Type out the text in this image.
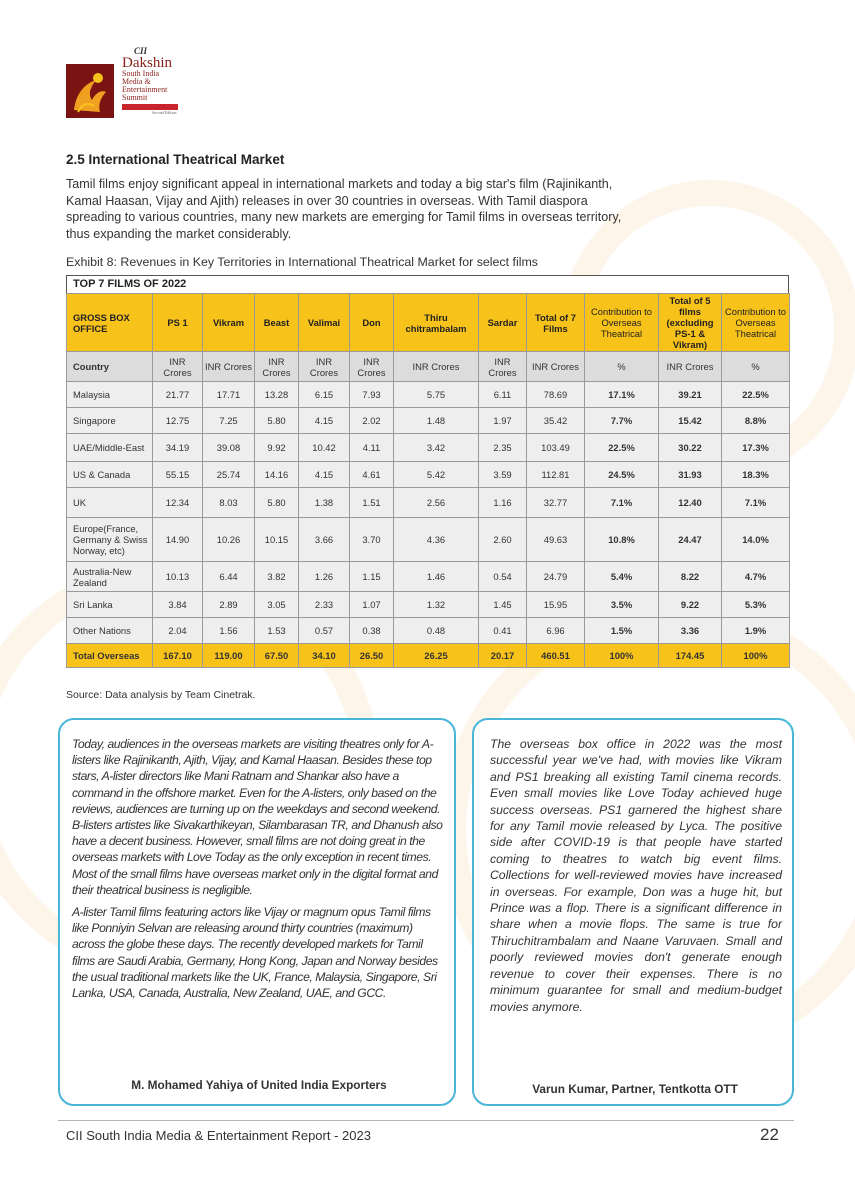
CII
Dakshin
South India
Media &
Entertainment
Summit
Second Edition
2.5 International Theatrical Market
Tamil films enjoy significant appeal in international markets and today a big star's film (Rajinikanth, Kamal Haasan, Vijay and Ajith) releases in over 30 countries in overseas. With Tamil diaspora spreading to various countries, many new markets are emerging for Tamil films in overseas territory, thus expanding the market considerably.
Exhibit 8: Revenues in Key Territories in International Theatrical Market for select films
TOP 7 FILMS OF 2022
GROSS BOX OFFICE	PS 1	Vikram	Beast	Valimai	Don	Thiru chitrambalam	Sardar	Total of 7 Films	Contribution to Overseas Theatrical	Total of 5 films (excluding PS-1 & Vikram)	Contribution to Overseas Theatrical
Country	INR Crores	INR Crores	INR Crores	INR Crores	INR Crores	INR Crores	INR Crores	INR Crores	%	INR Crores	%
Malaysia	21.77	17.71	13.28	6.15	7.93	5.75	6.11	78.69	17.1%	39.21	22.5%
Singapore	12.75	7.25	5.80	4.15	2.02	1.48	1.97	35.42	7.7%	15.42	8.8%
UAE/Middle-East	34.19	39.08	9.92	10.42	4.11	3.42	2.35	103.49	22.5%	30.22	17.3%
US & Canada	55.15	25.74	14.16	4.15	4.61	5.42	3.59	112.81	24.5%	31.93	18.3%
UK	12.34	8.03	5.80	1.38	1.51	2.56	1.16	32.77	7.1%	12.40	7.1%
Europe(France, Germany & Swiss Norway, etc)	14.90	10.26	10.15	3.66	3.70	4.36	2.60	49.63	10.8%	24.47	14.0%
Australia-New Zealand	10.13	6.44	3.82	1.26	1.15	1.46	0.54	24.79	5.4%	8.22	4.7%
Sri Lanka	3.84	2.89	3.05	2.33	1.07	1.32	1.45	15.95	3.5%	9.22	5.3%
Other Nations	2.04	1.56	1.53	0.57	0.38	0.48	0.41	6.96	1.5%	3.36	1.9%
Total Overseas	167.10	119.00	67.50	34.10	26.50	26.25	20.17	460.51	100%	174.45	100%
Source: Data analysis by Team Cinetrak.

Today, audiences in the overseas markets are visiting theatres only for A-listers like Rajinikanth, Ajith, Vijay, and Kamal Haasan. Besides these top stars, A-lister directors like Mani Ratnam and Shankar also have a command in the offshore market. Even for the A-listers, only based on the reviews, audiences are turning up on the weekdays and second weekend. B-listers artistes like Sivakarthikeyan, Silambarasan TR, and Dhanush also have a decent business. However, small films are not doing great in the overseas markets with Love Today as the only exception in recent times. Most of the small films have overseas market only in the digital format and their theatrical business is negligible.

A-lister Tamil films featuring actors like Vijay or magnum opus Tamil films like Ponniyin Selvan are releasing around thirty countries (maximum) across the globe these days. The recently developed markets for Tamil films are Saudi Arabia, Germany, Hong Kong, Japan and Norway besides the usual traditional markets like the UK, France, Malaysia, Singapore, Sri Lanka, USA, Canada, Australia, New Zealand, UAE, and GCC.

M. Mohamed Yahiya of United India Exporters
The overseas box office in 2022 was the most successful year we've had, with movies like Vikram and PS1 breaking all existing Tamil cinema records. Even small movies like Love Today achieved huge success overseas. PS1 garnered the highest share for any Tamil movie released by Lyca. The positive side after COVID-19 is that people have started coming to theatres to watch big event films. Collections for well-reviewed movies have increased in overseas. For example, Don was a huge hit, but Prince was a flop. There is a significant difference in share when a movie flops. The same is true for Thiruchitrambalam and Naane Varuvaen. Small and poorly reviewed movies don't generate enough revenue to cover their expenses. There is no minimum guarantee for small and medium-budget movies anymore.
Varun Kumar, Partner, Tentkotta OTT
CII South India Media & Entertainment Report - 2023	22
